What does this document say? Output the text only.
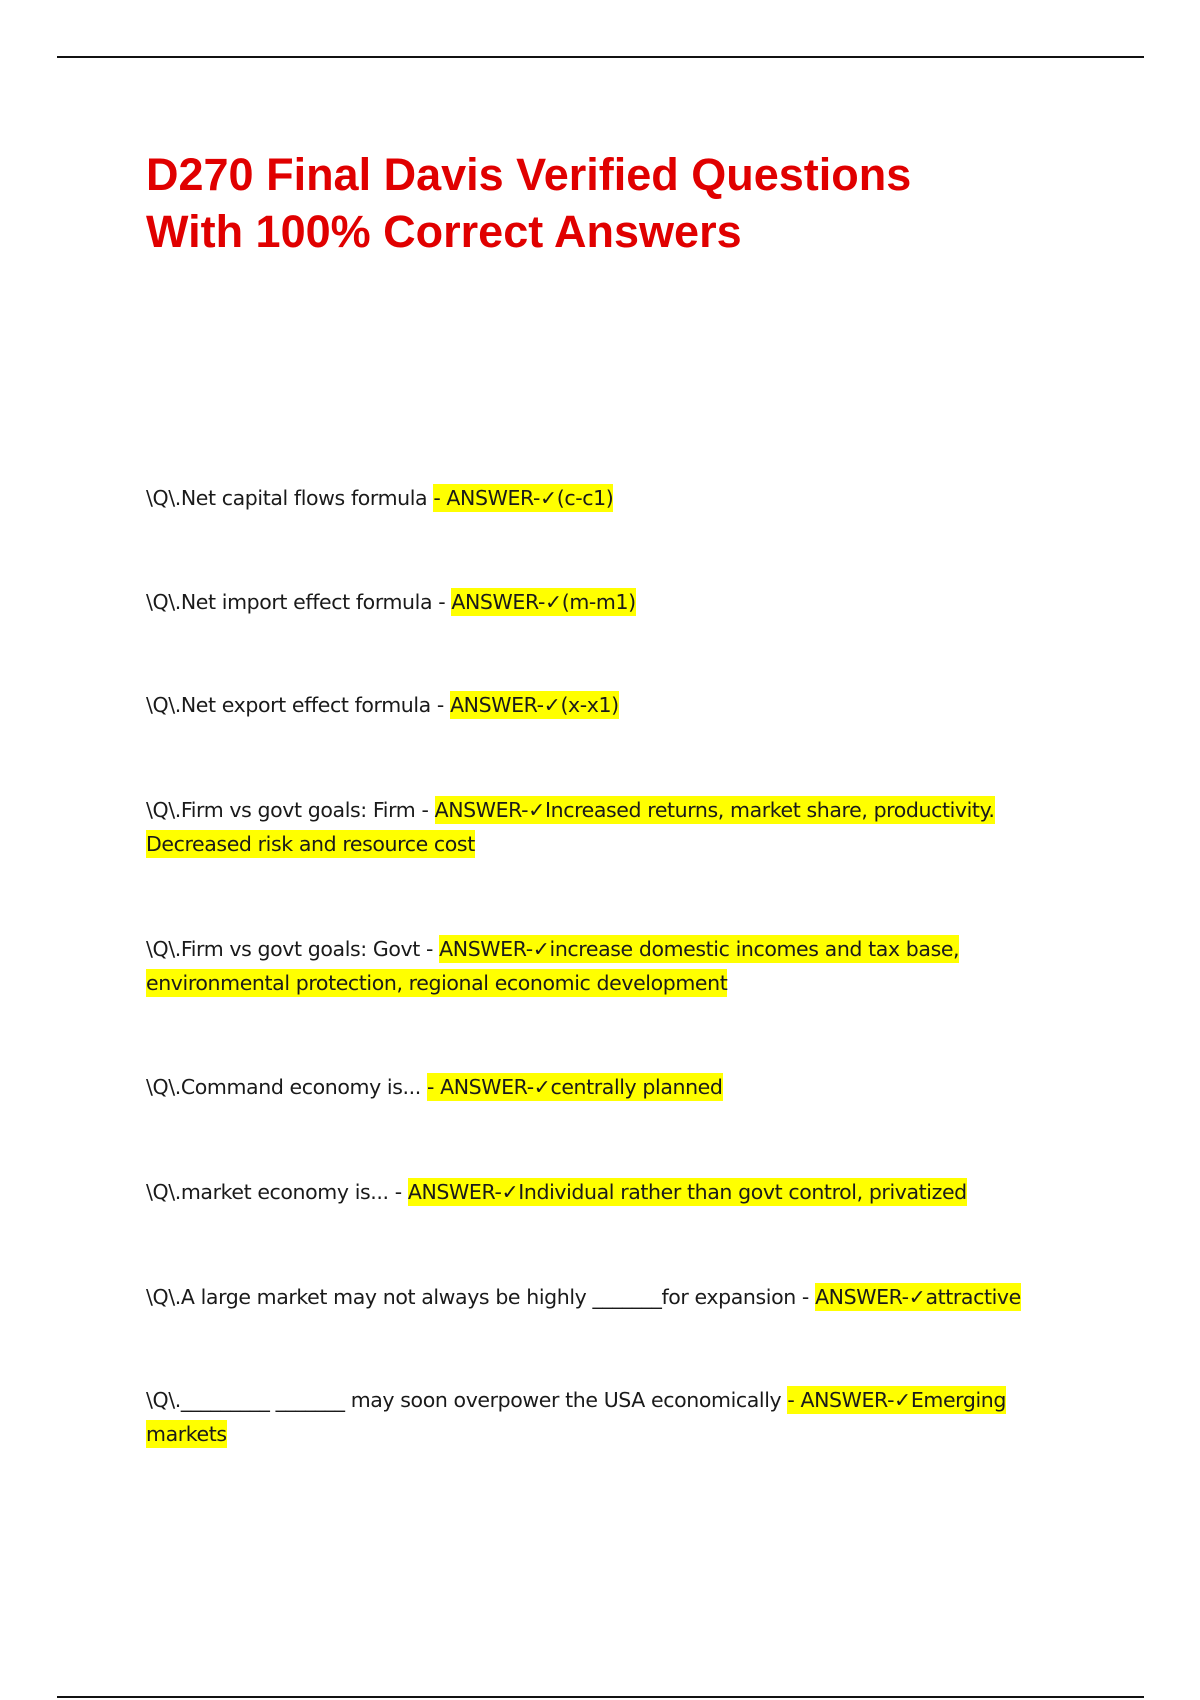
D270 Final Davis Verified Questions
With 100% Correct Answers

\Q\.Net capital flows formula - ANSWER-✓(c-c1)

\Q\.Net import effect formula - ANSWER-✓(m-m1)

\Q\.Net export effect formula - ANSWER-✓(x-x1)

\Q\.Firm vs govt goals: Firm - ANSWER-✓Increased returns, market share, productivity. Decreased risk and resource cost

\Q\.Firm vs govt goals: Govt - ANSWER-✓increase domestic incomes and tax base, environmental protection, regional economic development

\Q\.Command economy is... - ANSWER-✓centrally planned

\Q\.market economy is... - ANSWER-✓Individual rather than govt control, privatized

\Q\.A large market may not always be highly _______for expansion - ANSWER-✓attractive

\Q\._________ _______ may soon overpower the USA economically - ANSWER-✓Emerging markets
